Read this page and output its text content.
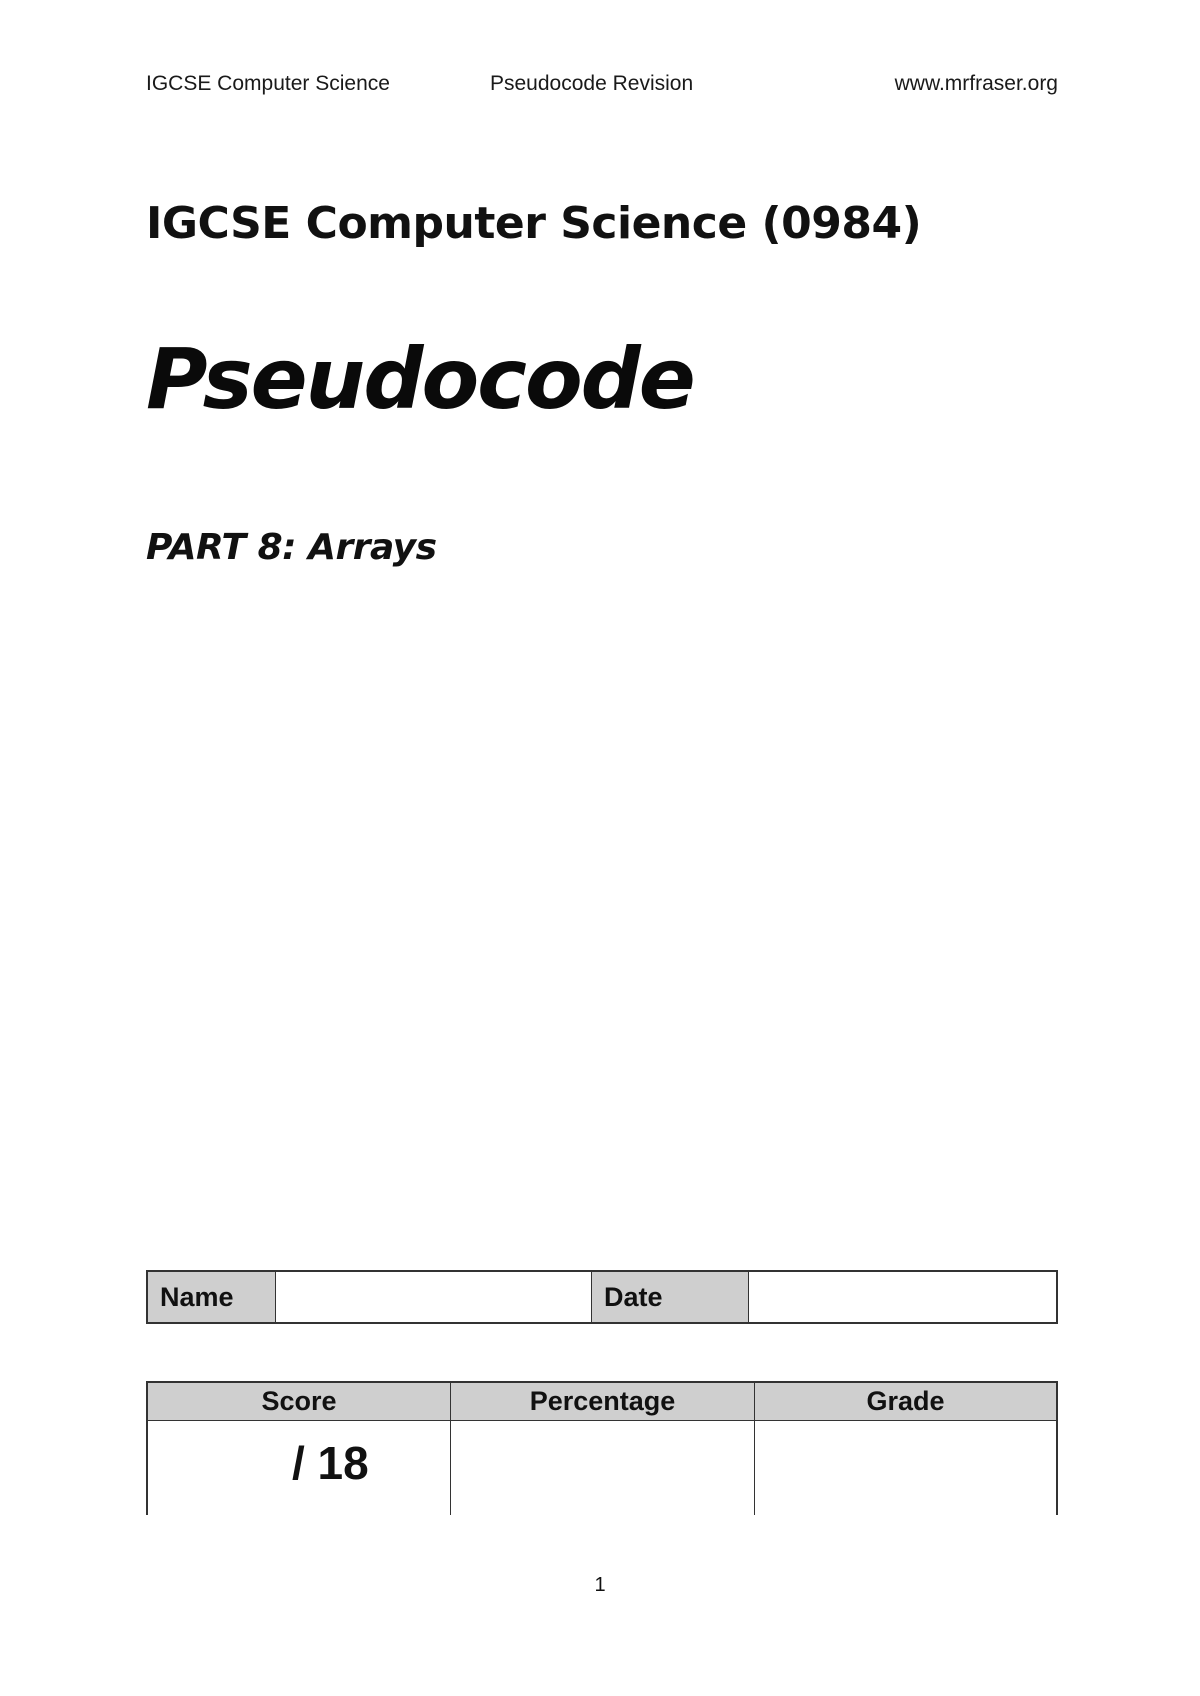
IGCSE Computer Science	Pseudocode Revision	www.mrfraser.org
IGCSE Computer Science (0984)
Pseudocode
PART 8: Arrays
Name	Date
Score	Percentage	Grade
/ 18
1
